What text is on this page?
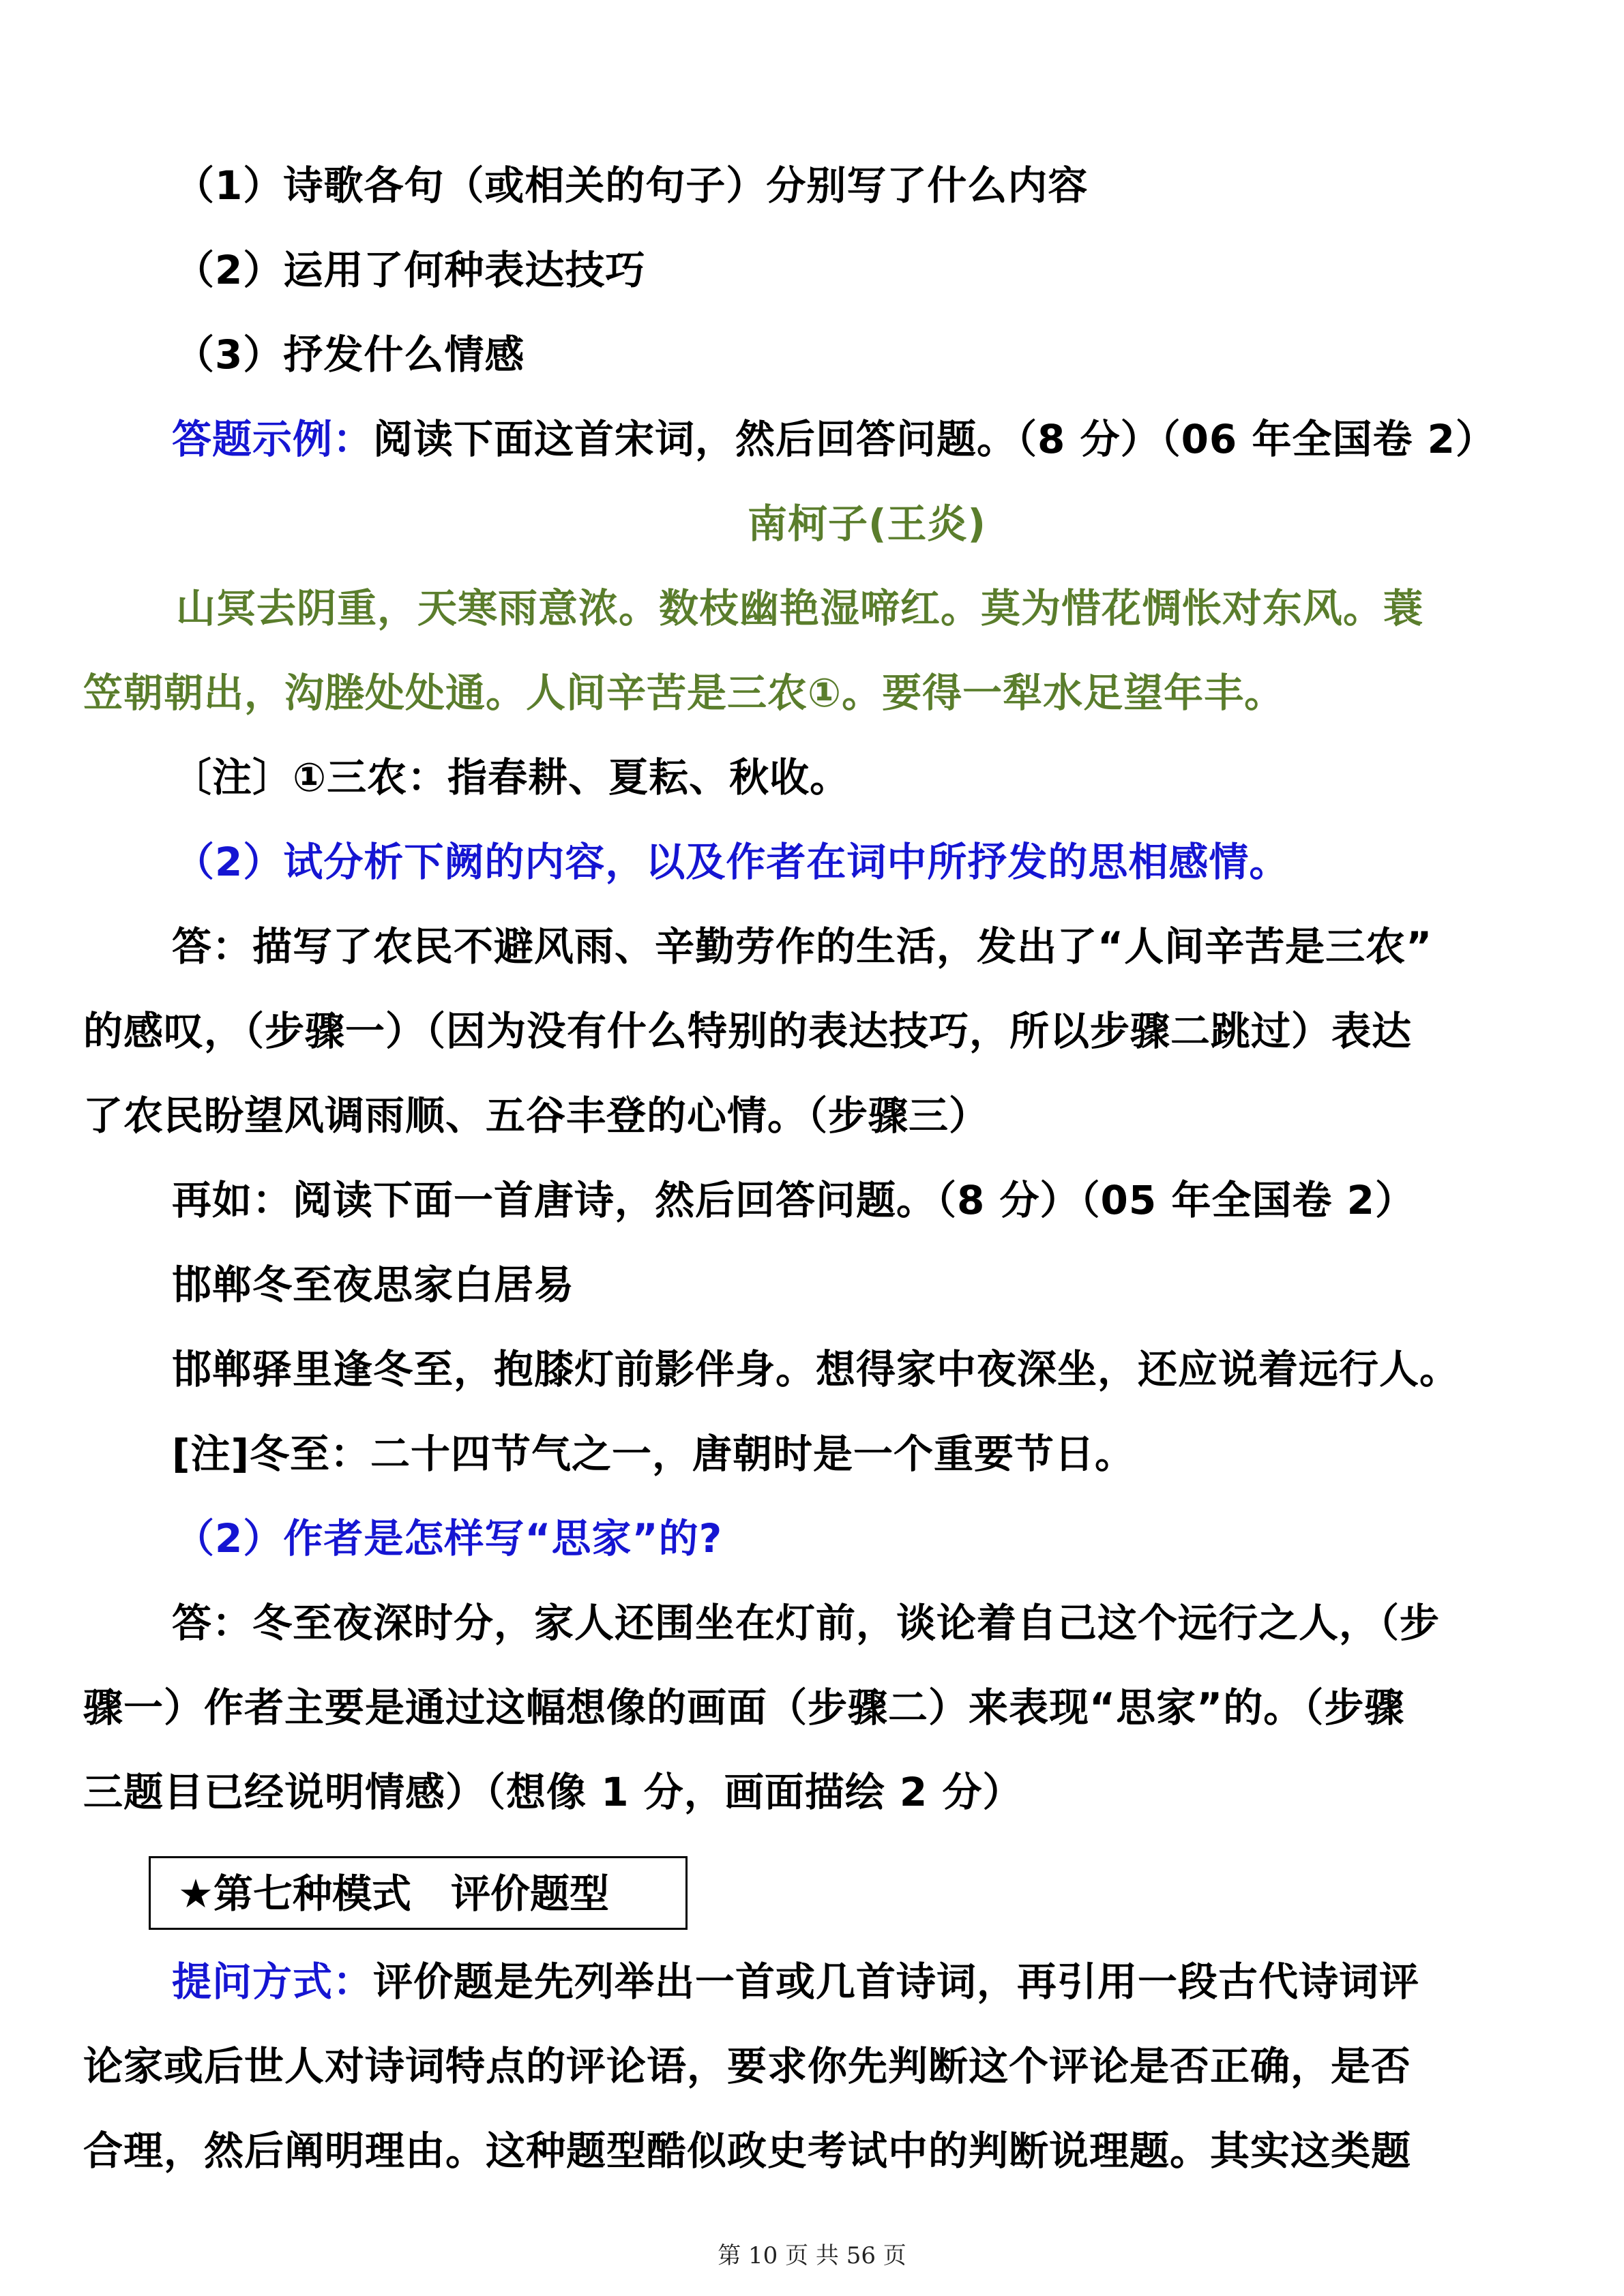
（1）诗歌各句（或相关的句子）分别写了什么内容
（2）运用了何种表达技巧
（3）抒发什么情感
答题示例：阅读下面这首宋词，然后回答问题。（8 分）（06 年全国卷 2）
南柯子(王炎)
山冥去阴重，天寒雨意浓。数枝幽艳湿啼红。莫为惜花惆怅对东风。蓑
笠朝朝出，沟塍处处通。人间辛苦是三农①。要得一犁水足望年丰。
〔注〕①三农：指春耕、夏耘、秋收。
（2）试分析下阙的内容，以及作者在词中所抒发的思相感情。
答：描写了农民不避风雨、辛勤劳作的生活，发出了“人间辛苦是三农”
的感叹，（步骤一）（因为没有什么特别的表达技巧，所以步骤二跳过）表达
了农民盼望风调雨顺、五谷丰登的心情。（步骤三）
再如：阅读下面一首唐诗，然后回答问题。（8 分）（05 年全国卷 2）
邯郸冬至夜思家白居易
邯郸驿里逢冬至，抱膝灯前影伴身。想得家中夜深坐，还应说着远行人。
[注]冬至：二十四节气之一，唐朝时是一个重要节日。
（2）作者是怎样写“思家”的?
答：冬至夜深时分，家人还围坐在灯前，谈论着自己这个远行之人，（步
骤一）作者主要是通过这幅想像的画面（步骤二）来表现“思家”的。（步骤
三题目已经说明情感）（想像 1 分，画面描绘 2 分）
★第七种模式　评价题型
提问方式：评价题是先列举出一首或几首诗词，再引用一段古代诗词评
论家或后世人对诗词特点的评论语，要求你先判断这个评论是否正确，是否
合理，然后阐明理由。这种题型酷似政史考试中的判断说理题。其实这类题
第 10 页 共 56 页
